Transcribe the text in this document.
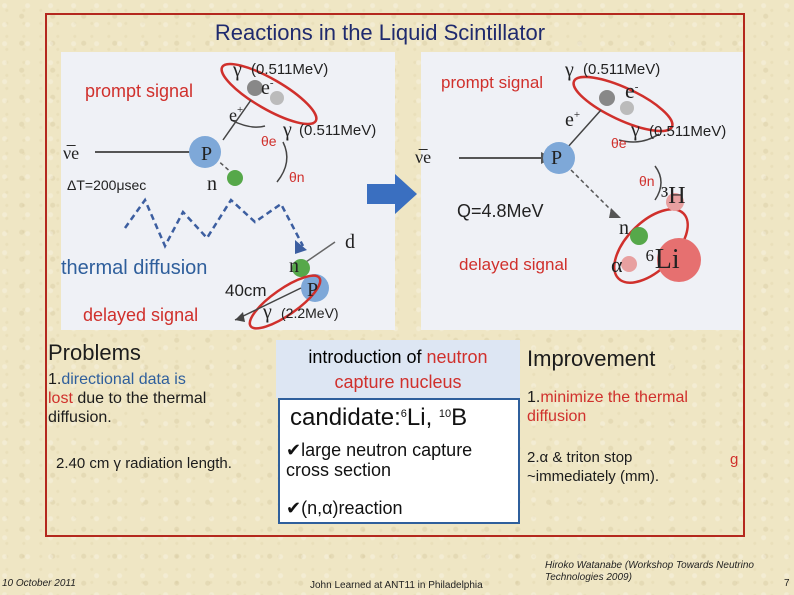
Reactions in the Liquid Scintillator
γ (0.511MeV)
prompt signal	e-
e+
γ (0.511MeV)
θe
ν̅e	P
θn
n
ΔT=200μsec
d
thermal diffusion	n
40cm P
delayed signal	γ (2.2MeV)
prompt signal
γ (0.511MeV)
e-
e+
γ (0.511MeV)
θe
ν̅e	P
θn
³H
Q=4.8MeV
n
delayed signal α ⁶Li
Problems
1.directional data is
lost due to the thermal diffusion.
2.40 cm γ radiation length.
introduction of neutron
capture nucleus
candidate:$^6$Li, $^{10}$B
✔large neutron capture cross section
✔(n,α)reaction
Improvement
1.minimize the thermal
diffusion
2.α & triton stop ~immediately (mm).
g
10 October 2011	John Learned at ANT11 in Philadelphia
Hiroko Watanabe (Workshop Towards Neutrino Technologies 2009)
7
